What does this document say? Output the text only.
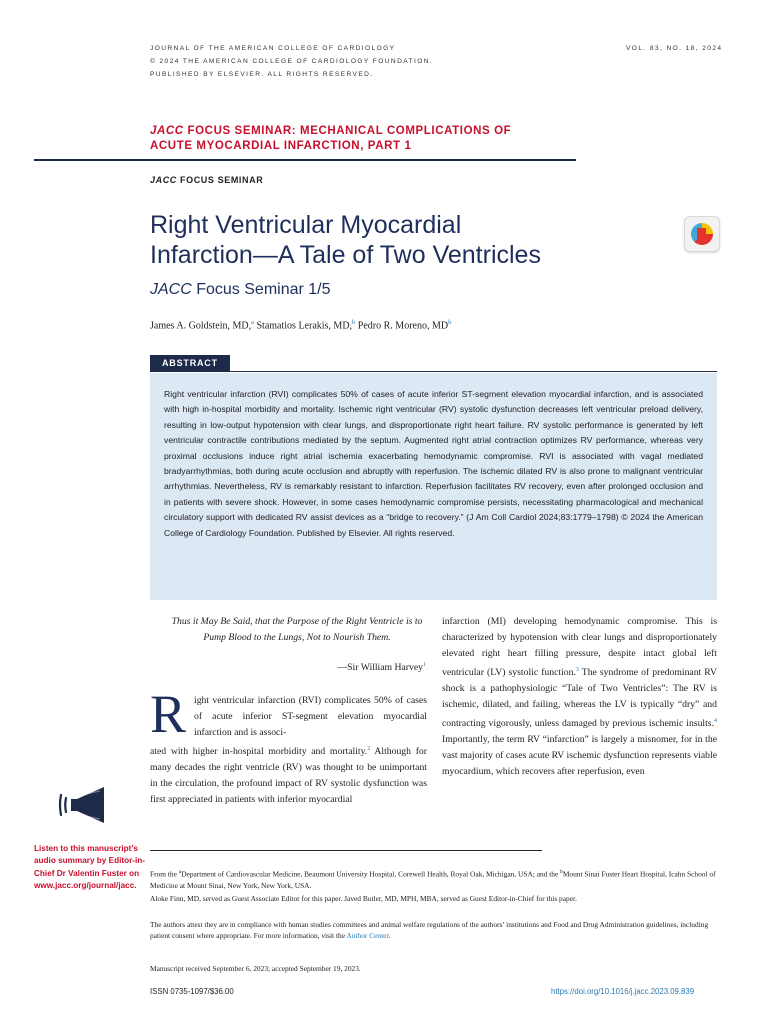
JOURNAL OF THE AMERICAN COLLEGE OF CARDIOLOGY
© 2024 THE AMERICAN COLLEGE OF CARDIOLOGY FOUNDATION.
PUBLISHED BY ELSEVIER. ALL RIGHTS RESERVED.
VOL. 83, NO. 18, 2024
JACC FOCUS SEMINAR: MECHANICAL COMPLICATIONS OF
ACUTE MYOCARDIAL INFARCTION, PART 1
JACC FOCUS SEMINAR
Right Ventricular Myocardial
Infarction—A Tale of Two Ventricles
JACC Focus Seminar 1/5
James A. Goldstein, MD,$^a$ Stamatios Lerakis, MD,$^b$ Pedro R. Moreno, $MD^b$
ABSTRACT
Right ventricular infarction (RVI) complicates 50% of cases of acute inferior ST-segment elevation myocardial infarction, and is associated with high in-hospital morbidity and mortality. Ischemic right ventricular (RV) systolic dysfunction decreases left ventricular preload delivery, resulting in low-output hypotension with clear lungs, and disproportionate right heart failure. RV systolic performance is generated by left ventricular contractile contributions mediated by the septum. Augmented right atrial contraction optimizes RV performance, whereas very proximal occlusions induce right atrial ischemia exacerbating hemodynamic compromise. RVI is associated with vagal mediated bradyarrhythmias, both during acute occlusion and abruptly with reperfusion. The ischemic dilated RV is also prone to malignant ventricular arrhythmias. Nevertheless, RV is remarkably resistant to infarction. Reperfusion facilitates RV recovery, even after prolonged occlusion and in patients with severe shock. However, in some cases hemodynamic compromise persists, necessitating pharmacological and mechanical circulatory support with dedicated RV assist devices as a “bridge to recovery.” (J Am Coll Cardiol 2024;83:1779–1798) © 2024 the American College of Cardiology Foundation. Published by Elsevier. All rights reserved.
Thus it May Be Said, that the Purpose of the Right Ventricle is to Pump Blood to the Lungs, Not to Nourish Them.
—Sir William Harvey$^1$
R ight ventricular infarction (RVI) complicates 50% of cases of acute inferior ST-segment elevation myocardial infarction and is associ-
ated with higher in-hospital morbidity and mortality.$^2$ Although for many decades the right ventricle (RV) was thought to be unimportant in the circulation, the profound impact of RV systolic dysfunction was first appreciated in patients with inferior myocardial
infarction (MI) developing hemodynamic compromise. This is characterized by hypotension with clear lungs and disproportionately elevated right heart filling pressure, despite intact global left ventricular (LV) systolic function.$^3$ The syndrome of predominant RV shock is a pathophysiologic “Tale of Two Ventricles”: The RV is ischemic, dilated, and failing, whereas the LV is typically “dry” and contracting vigorously, unless damaged by previous ischemic insults.$^4$ Importantly, the term RV “infarction” is largely a misnomer, for in the vast majority of cases acute RV ischemic dysfunction represents viable myocardium, which recovers after reperfusion, even
Listen to this manuscript’s audio summary by Editor-in-Chief Dr Valentin Fuster on www.jacc.org/journal/jacc.
From the $^a$Department of Cardiovascular Medicine, Beaumont University Hospital, Corewell Health, Royal Oak, Michigan, USA; and the $^b$Mount Sinai Fuster Heart Hospital, Icahn School of Medicine at Mount Sinai, New York, New York, USA.
Aloke Finn, MD, served as Guest Associate Editor for this paper. Javed Butler, MD, MPH, MBA, served as Guest Editor-in-Chief for this paper.
The authors attest they are in compliance with human studies committees and animal welfare regulations of the authors’ institutions and Food and Drug Administration guidelines, including patient consent where appropriate. For more information, visit the Author Center.
Manuscript received September 6, 2023; accepted September 19, 2023.
ISSN 0735-1097/$36.00	https://doi.org/10.1016/j.jacc.2023.09.839
